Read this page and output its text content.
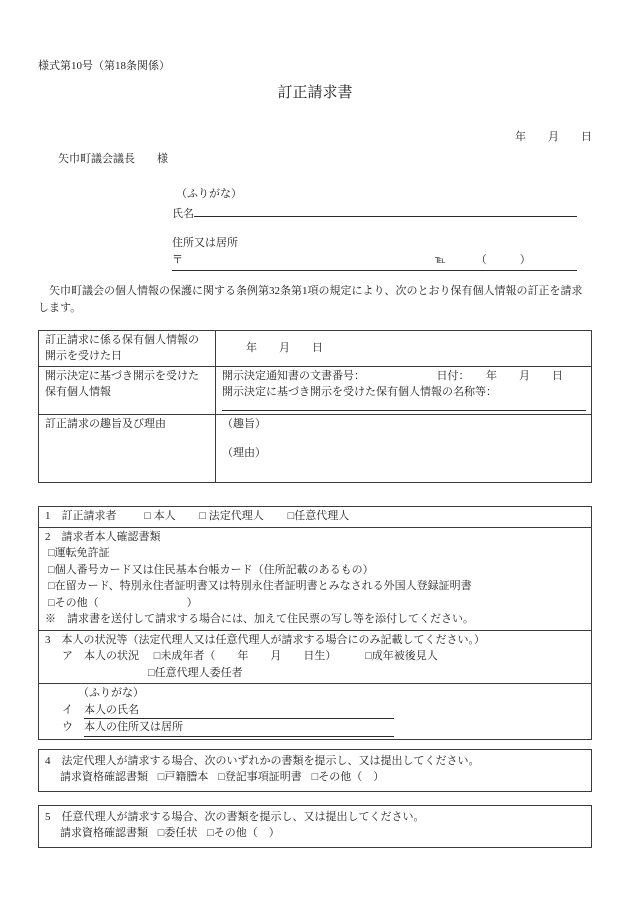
様式第10号（第18条関係）
訂正請求書
年　　月　　日
矢巾町議会議長　　様
（ふりがな）
氏名
住所又は居所
〒	℡	（　　　）

矢巾町議会の個人情報の保護に関する条例第32条第1項の規定により、次のとおり保有個人情報の訂正を請求します。

訂正請求に係る保有個人情報の開示を受けた日	年　　月　　日
開示決定に基づき開示を受けた保有個人情報	開示決定通知書の文書番号： 日付：　　年　　月　　日
開示決定に基づき開示を受けた保有個人情報の名称等：

訂正請求の趣旨及び理由	（趣旨）
（理由）
1　訂正請求者	□ 本人 □ 法定代理人 □任意代理人
2　請求者本人確認書類
□運転免許証
□個人番号カード又は住民基本台帳カード（住所記載のあるもの）
□在留カード、特別永住者証明書又は特別永住者証明書とみなされる外国人登録証明書
□その他（　　　　　　　　）
※　請求書を送付して請求する場合には、加えて住民票の写し等を添付してください。
3　本人の状況等（法定代理人又は任意代理人が請求する場合にのみ記載してください。）
ア　本人の状況 □未成年者（　　年　　月　　日生）	□成年被後見人
□任意代理人委任者
（ふりがな）
イ 本人の氏名
ウ 本人の住所又は居所
4　法定代理人が請求する場合、次のいずれかの書類を提示し、又は提出してください。
請求資格確認書類 □戸籍謄本 □登記事項証明書 □その他（　）
5　任意代理人が請求する場合、次の書類を提示し、又は提出してください。
請求資格確認書類 □委任状 □その他（　）
